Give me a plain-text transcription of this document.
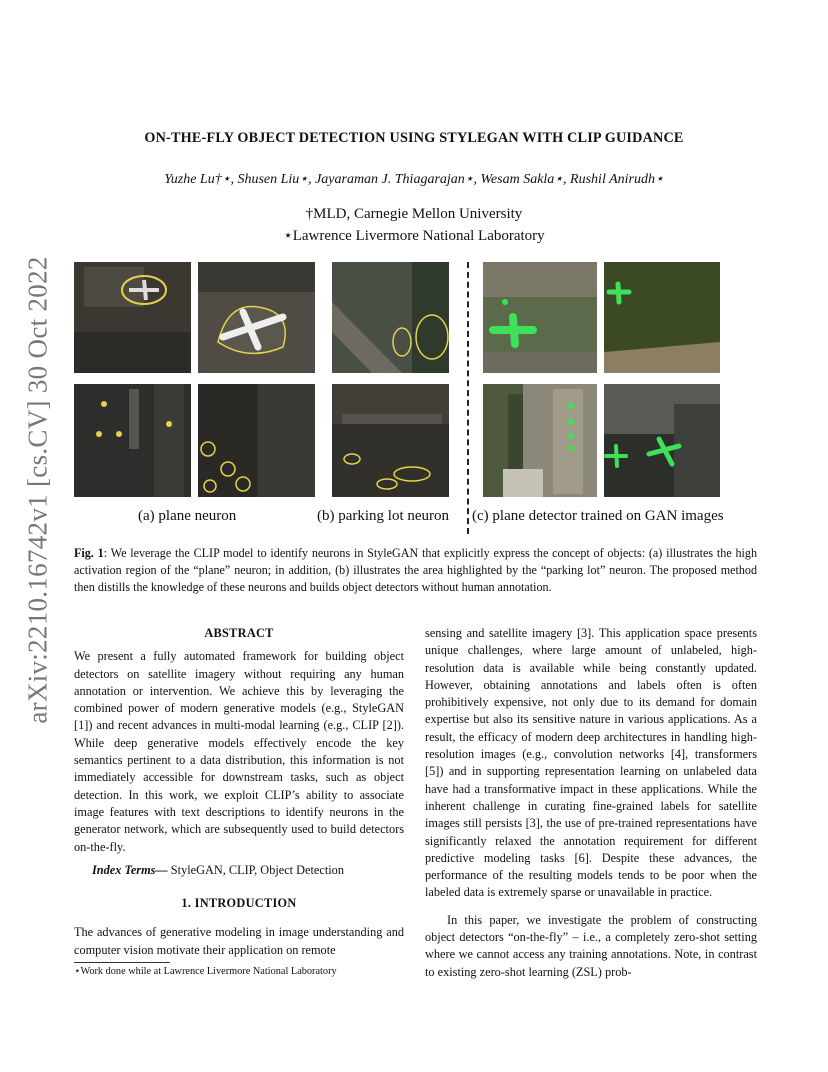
arXiv:2210.16742v1 [cs.CV] 30 Oct 2022
ON-THE-FLY OBJECT DETECTION USING STYLEGAN WITH CLIP GUIDANCE
Yuzhe Lu†⋆, Shusen Liu⋆, Jayaraman J. Thiagarajan⋆, Wesam Sakla⋆, Rushil Anirudh⋆
†MLD, Carnegie Mellon University
⋆Lawrence Livermore National Laboratory
(a) plane neuron	(b) parking lot neuron (c) plane detector trained on GAN images
Fig. 1: We leverage the CLIP model to identify neurons in StyleGAN that explicitly express the concept of objects: (a) illustrates the high activation region of the “plane” neuron; in addition, (b) illustrates the area highlighted by the “parking lot” neuron. The proposed method then distills the knowledge of these neurons and builds object detectors without human annotation.
ABSTRACT
We present a fully automated framework for building object detectors on satellite imagery without requiring any human annotation or intervention. We achieve this by leveraging the combined power of modern generative models (e.g., StyleGAN [1]) and recent advances in multi-modal learning (e.g., CLIP [2]). While deep generative models effectively encode the key semantics pertinent to a data distribution, this information is not immediately accessible for downstream tasks, such as object detection. In this work, we exploit CLIP’s ability to associate image features with text descriptions to identify neurons in the generator network, which are subsequently used to build detectors on-the-fly.
Index Terms— StyleGAN, CLIP, Object Detection
1. INTRODUCTION
The advances of generative modeling in image understanding and computer vision motivate their application on remote
⋆Work done while at Lawrence Livermore National Laboratory
sensing and satellite imagery [3]. This application space presents unique challenges, where large amount of unlabeled, high-resolution data is available while being constantly updated. However, obtaining annotations and labels often is often prohibitively expensive, not only due to its demand for domain expertise but also its sensitive nature in various applications. As a result, the efficacy of modern deep architectures in handling high-resolution images (e.g., convolution networks [4], transformers [5]) and in supporting representation learning on unlabeled data have had a transformative impact in these applications. While the inherent challenge in curating fine-grained labels for satellite images still persists [3], the use of pre-trained representations have significantly relaxed the annotation requirement for different predictive modeling tasks [6]. Despite these advances, the performance of the resulting models tends to be poor when the labeled data is extremely sparse or unavailable in practice.
In this paper, we investigate the problem of constructing object detectors “on-the-fly” – i.e., a completely zero-shot setting where we cannot access any training annotations. Note, in contrast to existing zero-shot learning (ZSL) prob-
